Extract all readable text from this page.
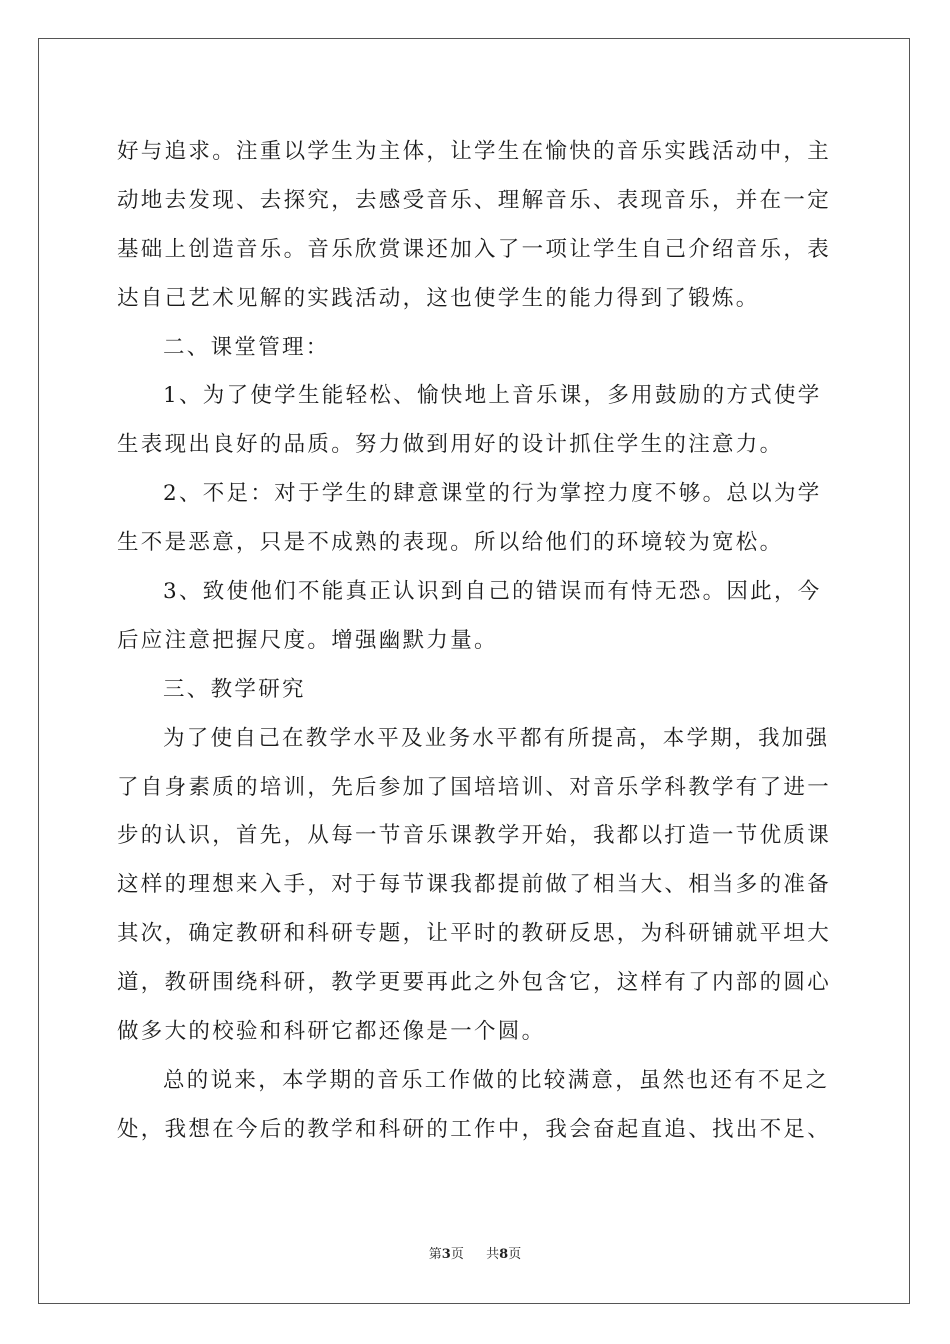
好与追求。注重以学生为主体，让学生在愉快的音乐实践活动中，主
动地去发现、去探究，去感受音乐、理解音乐、表现音乐，并在一定
基础上创造音乐。音乐欣赏课还加入了一项让学生自己介绍音乐，表
达自己艺术见解的实践活动，这也使学生的能力得到了锻炼。
二、课堂管理：
1、为了使学生能轻松、愉快地上音乐课，多用鼓励的方式使学
生表现出良好的品质。努力做到用好的设计抓住学生的注意力。
2、不足：对于学生的肆意课堂的行为掌控力度不够。总以为学
生不是恶意，只是不成熟的表现。所以给他们的环境较为宽松。
3、致使他们不能真正认识到自己的错误而有恃无恐。因此，今
后应注意把握尺度。增强幽默力量。
三、教学研究
为了使自己在教学水平及业务水平都有所提高，本学期，我加强
了自身素质的培训，先后参加了国培培训、对音乐学科教学有了进一
步的认识，首先，从每一节音乐课教学开始，我都以打造一节优质课
这样的理想来入手，对于每节课我都提前做了相当大、相当多的准备
其次，确定教研和科研专题，让平时的教研反思，为科研铺就平坦大
道，教研围绕科研，教学更要再此之外包含它，这样有了内部的圆心
做多大的校验和科研它都还像是一个圆。
总的说来，本学期的音乐工作做的比较满意，虽然也还有不足之
处，我想在今后的教学和科研的工作中，我会奋起直追、找出不足、
第3页 共8页
